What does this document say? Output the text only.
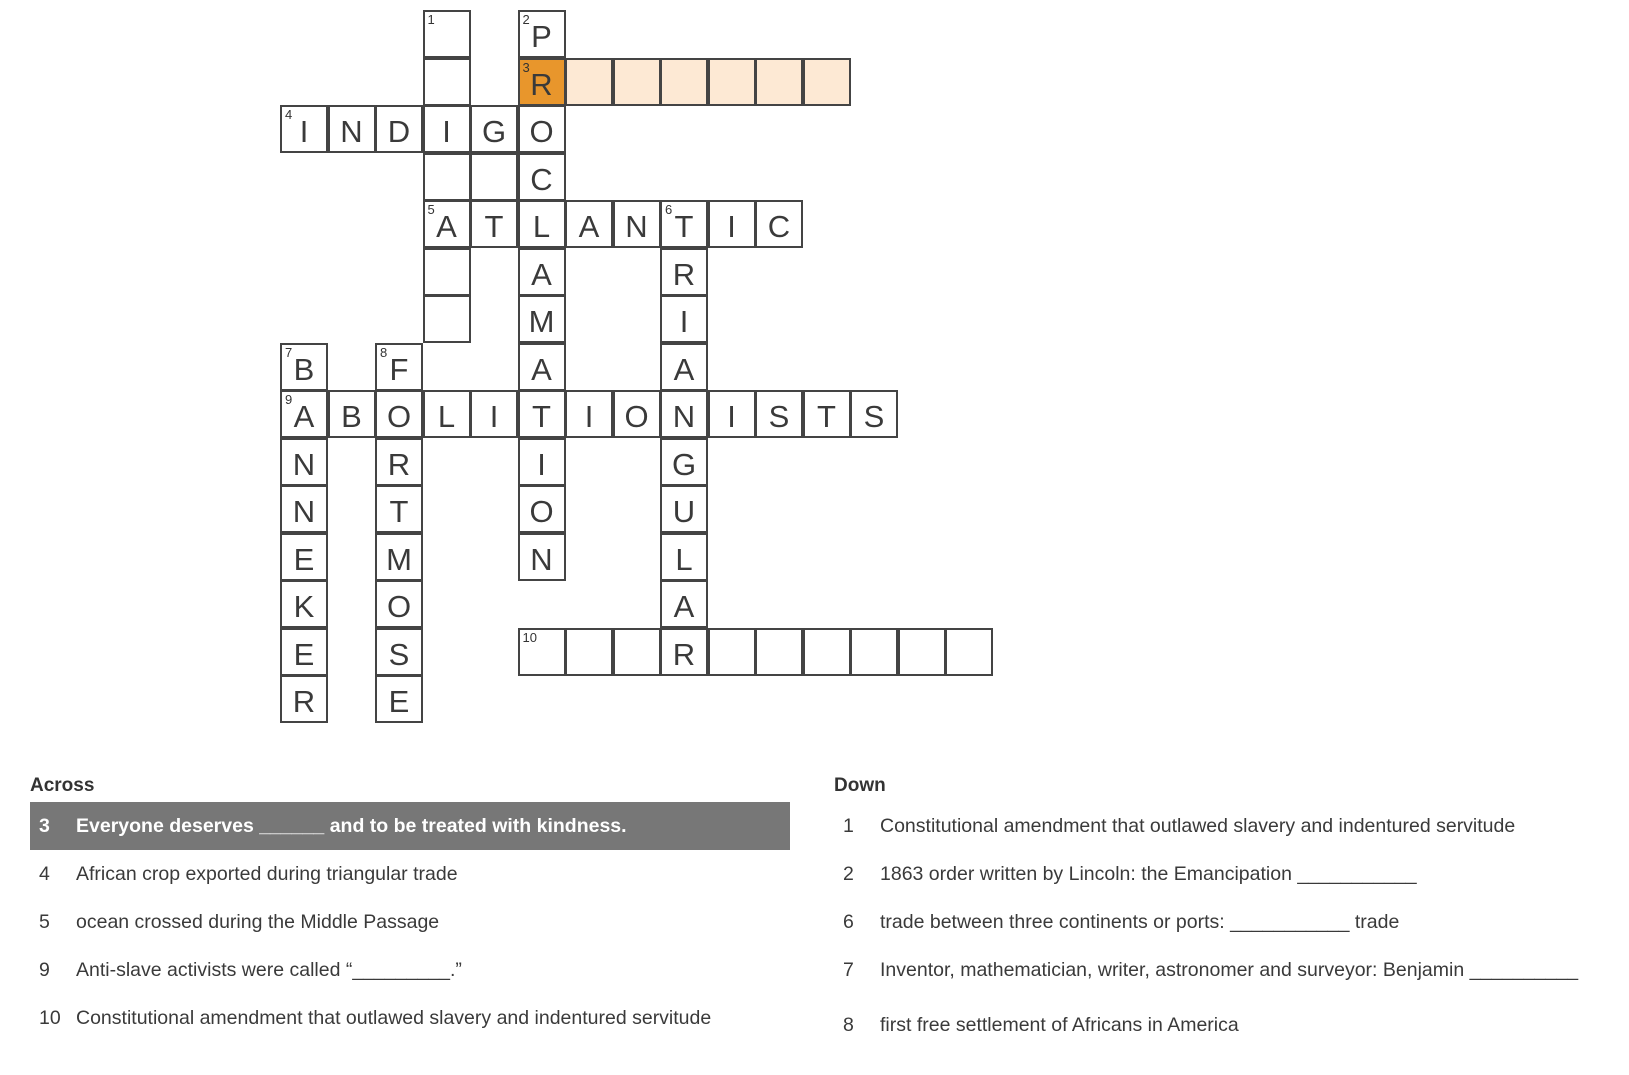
1	2 P
3 R
4 I	N D	I	G O
C
5 A T L A N	6 T	I	C
A	R
M	I
7 B	8 F	A	A
9 A B O L	I	T	I	O N	I	S T S
N	R	I	G
N	T	O	U
E	M	N	L
K	O	A
E	S	10	R
R	E
Across
3	Everyone deserves ______ and to be treated with kindness.
4	African crop exported during triangular trade
5	ocean crossed during the Middle Passage
9	Anti-slave activists were called “_________.”
10 Constitutional amendment that outlawed slavery and indentured servitude
Down
1	Constitutional amendment that outlawed slavery and indentured servitude
2	1863 order written by Lincoln: the Emancipation ___________
6	trade between three continents or ports: ___________ trade
7	Inventor, mathematician, writer, astronomer and surveyor: Benjamin __________
8	first free settlement of Africans in America
